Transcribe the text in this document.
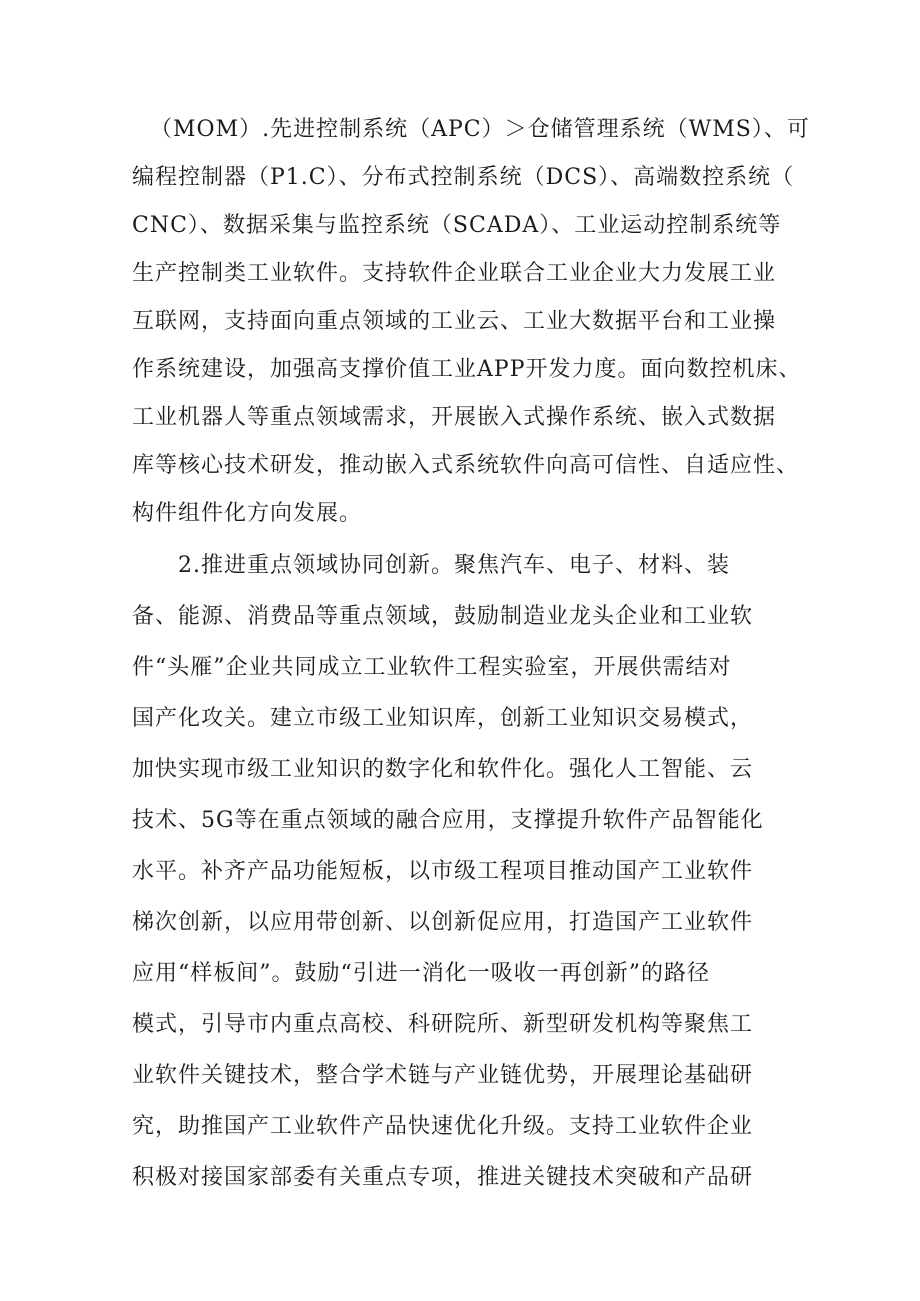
（MOM）.先进控制系统（APC）＞仓储管理系统（WMS）、可
编程控制器（P1.C）、分布式控制系统（DCS）、高端数控系统（
CNC）、数据采集与监控系统（SCADA）、工业运动控制系统等
生产控制类工业软件。支持软件企业联合工业企业大力发展工业
互联网，支持面向重点领域的工业云、工业大数据平台和工业操
作系统建设，加强高支撑价值工业APP开发力度。面向数控机床、
工业机器人等重点领域需求，开展嵌入式操作系统、嵌入式数据
库等核心技术研发，推动嵌入式系统软件向高可信性、自适应性、
构件组件化方向发展。
2.推进重点领域协同创新。聚焦汽车、电子、材料、装
备、能源、消费品等重点领域，鼓励制造业龙头企业和工业软
件“头雁”企业共同成立工业软件工程实验室，开展供需结对
国产化攻关。建立市级工业知识库，创新工业知识交易模式，
加快实现市级工业知识的数字化和软件化。强化人工智能、云
技术、5G等在重点领域的融合应用，支撑提升软件产品智能化
水平。补齐产品功能短板，以市级工程项目推动国产工业软件
梯次创新，以应用带创新、以创新促应用，打造国产工业软件
应用“样板间”。鼓励“引进一消化一吸收一再创新”的路径
模式，引导市内重点高校、科研院所、新型研发机构等聚焦工
业软件关键技术，整合学术链与产业链优势，开展理论基础研
究，助推国产工业软件产品快速优化升级。支持工业软件企业
积极对接国家部委有关重点专项，推进关键技术突破和产品研
